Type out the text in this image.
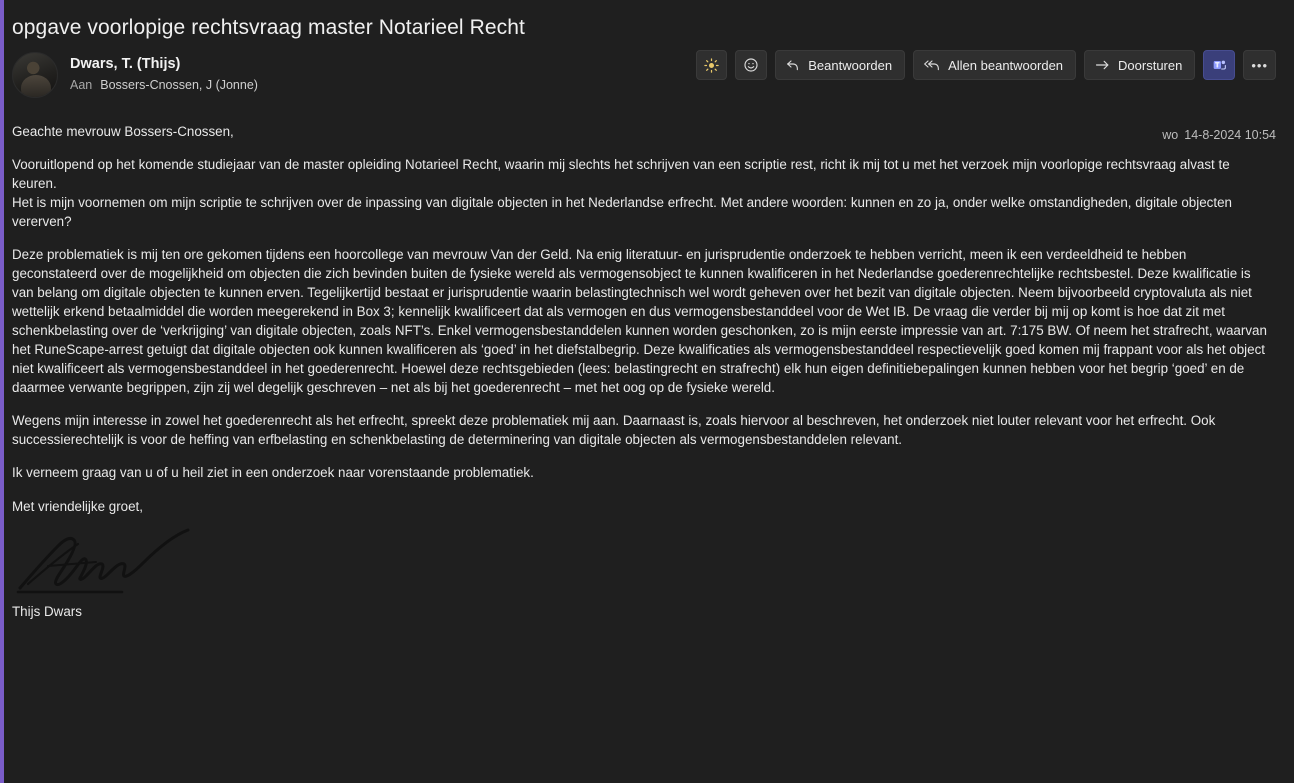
opgave voorlopige rechtsvraag master Notarieel Recht
Dwars, T. (Thijs)
Aan Bossers-Cnossen, J (Jonne)
Beantwoorden	Allen beantwoorden	Doorsturen	T •••
wo 14-8-2024 10:54

Geachte mevrouw Bossers-Cnossen,

Vooruitlopend op het komende studiejaar van de master opleiding Notarieel Recht, waarin mij slechts het schrijven van een scriptie rest, richt ik mij tot u met het verzoek mijn voorlopige rechtsvraag alvast te keuren.

Het is mijn voornemen om mijn scriptie te schrijven over de inpassing van digitale objecten in het Nederlandse erfrecht. Met andere woorden: kunnen en zo ja, onder welke omstandigheden, digitale objecten vererven?

Deze problematiek is mij ten ore gekomen tijdens een hoorcollege van mevrouw Van der Geld. Na enig literatuur- en jurisprudentie onderzoek te hebben verricht, meen ik een verdeeldheid te hebben geconstateerd over de mogelijkheid om objecten die zich bevinden buiten de fysieke wereld als vermogensobject te kunnen kwalificeren in het Nederlandse goederenrechtelijke rechtsbestel. Deze kwalificatie is van belang om digitale objecten te kunnen erven. Tegelijkertijd bestaat er jurisprudentie waarin belastingtechnisch wel wordt geheven over het bezit van digitale objecten. Neem bijvoorbeeld cryptovaluta als niet wettelijk erkend betaalmiddel die worden meegerekend in Box 3; kennelijk kwalificeert dat als vermogen en dus vermogensbestanddeel voor de Wet IB. De vraag die verder bij mij op komt is hoe dat zit met schenkbelasting over de ‘verkrijging’ van digitale objecten, zoals NFT’s. Enkel vermogensbestanddelen kunnen worden geschonken, zo is mijn eerste impressie van art. 7:175 BW. Of neem het strafrecht, waarvan het RuneScape-arrest getuigt dat digitale objecten ook kunnen kwalificeren als ‘goed’ in het diefstalbegrip. Deze kwalificaties als vermogensbestanddeel respectievelijk goed komen mij frappant voor als het object niet kwalificeert als vermogensbestanddeel in het goederenrecht. Hoewel deze rechtsgebieden (lees: belastingrecht en strafrecht) elk hun eigen definitiebepalingen kunnen hebben voor het begrip ‘goed’ en de daarmee verwante begrippen, zijn zij wel degelijk geschreven – net als bij het goederenrecht – met het oog op de fysieke wereld.

Wegens mijn interesse in zowel het goederenrecht als het erfrecht, spreekt deze problematiek mij aan. Daarnaast is, zoals hiervoor al beschreven, het onderzoek niet louter relevant voor het erfrecht. Ook successierechtelijk is voor de heffing van erfbelasting en schenkbelasting de determinering van digitale objecten als vermogensbestanddelen relevant.

Ik verneem graag van u of u heil ziet in een onderzoek naar vorenstaande problematiek.

Met vriendelijke groet,

Thijs Dwars
